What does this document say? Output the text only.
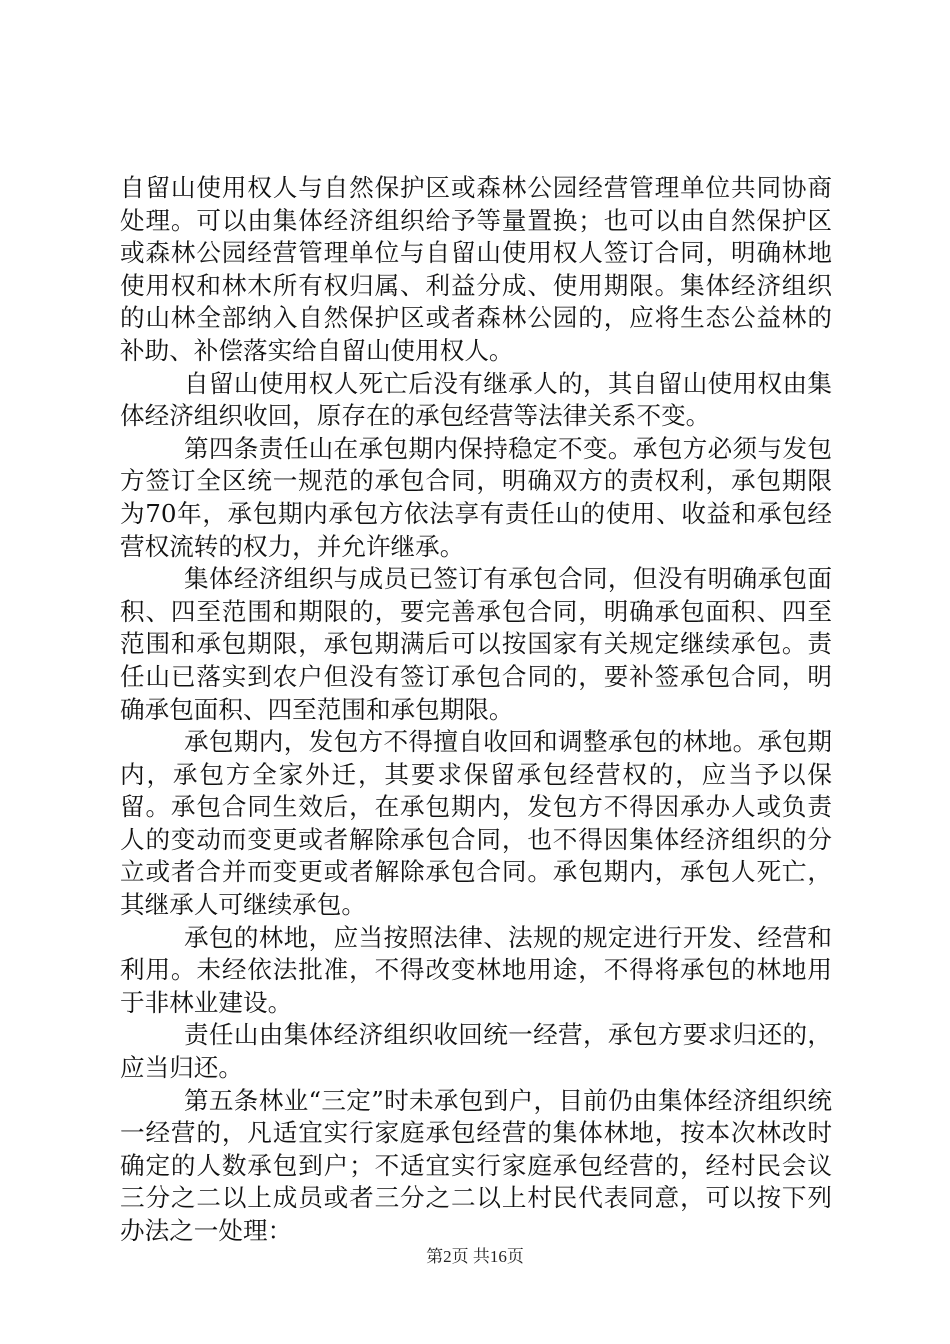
自留山使用权人与自然保护区或森林公园经营管理单位共同协商处理。可以由集体经济组织给予等量置换；也可以由自然保护区或森林公园经营管理单位与自留山使用权人签订合同，明确林地使用权和林木所有权归属、利益分成、使用期限。集体经济组织的山林全部纳入自然保护区或者森林公园的，应将生态公益林的补助、补偿落实给自留山使用权人。

自留山使用权人死亡后没有继承人的，其自留山使用权由集体经济组织收回，原存在的承包经营等法律关系不变。

第四条责任山在承包期内保持稳定不变。承包方必须与发包方签订全区统一规范的承包合同，明确双方的责权利，承包期限为70年，承包期内承包方依法享有责任山的使用、收益和承包经营权流转的权力，并允许继承。

集体经济组织与成员已签订有承包合同，但没有明确承包面积、四至范围和期限的，要完善承包合同，明确承包面积、四至范围和承包期限，承包期满后可以按国家有关规定继续承包。责任山已落实到农户但没有签订承包合同的，要补签承包合同，明确承包面积、四至范围和承包期限。

承包期内，发包方不得擅自收回和调整承包的林地。承包期内，承包方全家外迁，其要求保留承包经营权的，应当予以保留。承包合同生效后，在承包期内，发包方不得因承办人或负责人的变动而变更或者解除承包合同，也不得因集体经济组织的分立或者合并而变更或者解除承包合同。承包期内，承包人死亡，其继承人可继续承包。

承包的林地，应当按照法律、法规的规定进行开发、经营和利用。未经依法批准，不得改变林地用途，不得将承包的林地用于非林业建设。

责任山由集体经济组织收回统一经营，承包方要求归还的，应当归还。

第五条林业“三定”时未承包到户，目前仍由集体经济组织统一经营的，凡适宜实行家庭承包经营的集体林地，按本次林改时确定的人数承包到户；不适宜实行家庭承包经营的，经村民会议三分之二以上成员或者三分之二以上村民代表同意，可以按下列办法之一处理：

第2页 共16页
